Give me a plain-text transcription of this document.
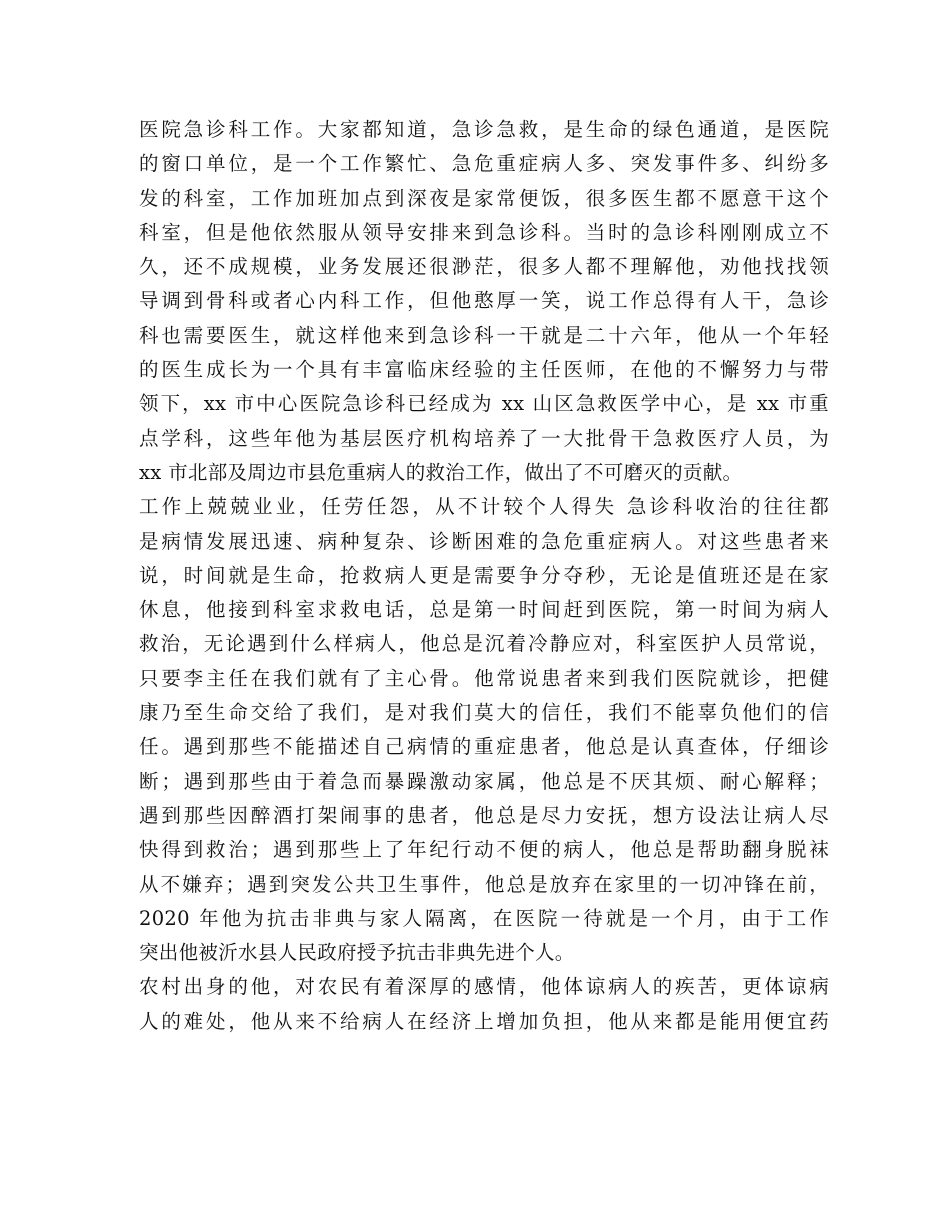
医院急诊科工作。大家都知道，急诊急救，是生命的绿色通道，是医院
的窗口单位，是一个工作繁忙、急危重症病人多、突发事件多、纠纷多
发的科室，工作加班加点到深夜是家常便饭，很多医生都不愿意干这个
科室，但是他依然服从领导安排来到急诊科。当时的急诊科刚刚成立不
久，还不成规模，业务发展还很渺茫，很多人都不理解他，劝他找找领
导调到骨科或者心内科工作，但他憨厚一笑，说工作总得有人干，急诊
科也需要医生，就这样他来到急诊科一干就是二十六年，他从一个年轻
的医生成长为一个具有丰富临床经验的主任医师，在他的不懈努力与带
领下，xx 市中心医院急诊科已经成为 xx 山区急救医学中心，是 xx 市重
点学科，这些年他为基层医疗机构培养了一大批骨干急救医疗人员，为
xx 市北部及周边市县危重病人的救治工作，做出了不可磨灭的贡献。
工作上兢兢业业，任劳任怨，从不计较个人得失 急诊科收治的往往都
是病情发展迅速、病种复杂、诊断困难的急危重症病人。对这些患者来
说，时间就是生命，抢救病人更是需要争分夺秒，无论是值班还是在家
休息，他接到科室求救电话，总是第一时间赶到医院，第一时间为病人
救治，无论遇到什么样病人，他总是沉着冷静应对，科室医护人员常说，
只要李主任在我们就有了主心骨。他常说患者来到我们医院就诊，把健
康乃至生命交给了我们，是对我们莫大的信任，我们不能辜负他们的信
任。遇到那些不能描述自己病情的重症患者，他总是认真查体，仔细诊
断；遇到那些由于着急而暴躁激动家属，他总是不厌其烦、耐心解释；
遇到那些因醉酒打架闹事的患者，他总是尽力安抚，想方设法让病人尽
快得到救治；遇到那些上了年纪行动不便的病人，他总是帮助翻身脱袜
从不嫌弃；遇到突发公共卫生事件，他总是放弃在家里的一切冲锋在前，
2020 年他为抗击非典与家人隔离，在医院一待就是一个月，由于工作
突出他被沂水县人民政府授予抗击非典先进个人。
农村出身的他，对农民有着深厚的感情，他体谅病人的疾苦，更体谅病
人的难处，他从来不给病人在经济上增加负担，他从来都是能用便宜药
